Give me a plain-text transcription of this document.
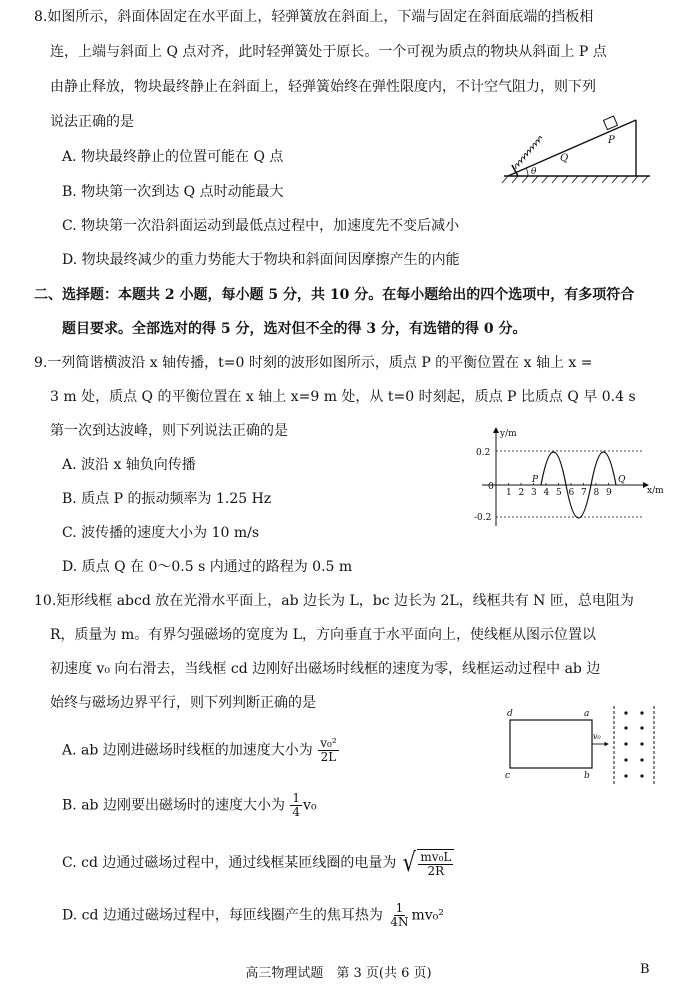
8.如图所示，斜面体固定在水平面上，轻弹簧放在斜面上，下端与固定在斜面底端的挡板相
连，上端与斜面上 Q 点对齐，此时轻弹簧处于原长。一个可视为质点的物块从斜面上 P 点
由静止释放，物块最终静止在斜面上，轻弹簧始终在弹性限度内，不计空气阻力，则下列
说法正确的是
A. 物块最终静止的位置可能在 Q 点
B. 物块第一次到达 Q 点时动能最大
C. 物块第一次沿斜面运动到最低点过程中，加速度先不变后减小
D. 物块最终减少的重力势能大于物块和斜面间因摩擦产生的内能
P
Q
θ
二、选择题：本题共 2 小题，每小题 5 分，共 10 分。在每小题给出的四个选项中，有多项符合
题目要求。全部选对的得 5 分，选对但不全的得 3 分，有选错的得 0 分。
9.一列简谐横波沿 x 轴传播，t=0 时刻的波形如图所示，质点 P 的平衡位置在 x 轴上 x =
3 m 处，质点 Q 的平衡位置在 x 轴上 x=9 m 处，从 t=0 时刻起，质点 P 比质点 Q 早 0.4 s
第一次到达波峰，则下列说法正确的是
A. 波沿 x 轴负向传播
B. 质点 P 的振动频率为 1.25 Hz
C. 波传播的速度大小为 10 m/s
D. 质点 Q 在 0～0.5 s 内通过的路程为 0.5 m
y/m
x/m
0
0.2
-0.2
1 2 3 4 5 6 7 8 9
P	Q
10.矩形线框 abcd 放在光滑水平面上，ab 边长为 L，bc 边长为 2L，线框共有 N 匝，总电阻为
R，质量为 m。有界匀强磁场的宽度为 L，方向垂直于水平面向上，使线框从图示位置以
初速度 v₀ 向右滑去，当线框 cd 边刚好出磁场时线框的速度为零，线框运动过程中 ab 边
始终与磁场边界平行，则下列判断正确的是
A. ab 边刚进磁场时线框的加速度大小为 $\frac{\text{v₀²}}{2L}$
B. ab 边刚要出磁场时的速度大小为 $\frac{1}{4} v_0$
C. cd 边通过磁场过程中，通过线框某匝线圈的电量为 √ $\frac{\text{mv₀L}}{2R}$
D. cd 边通过磁场过程中，每匝线圈产生的焦耳热为 $\frac{1}{4N} mv_0^2$
d	a
c	b
v₀
高三物理试题　第 3 页(共 6 页)	B
